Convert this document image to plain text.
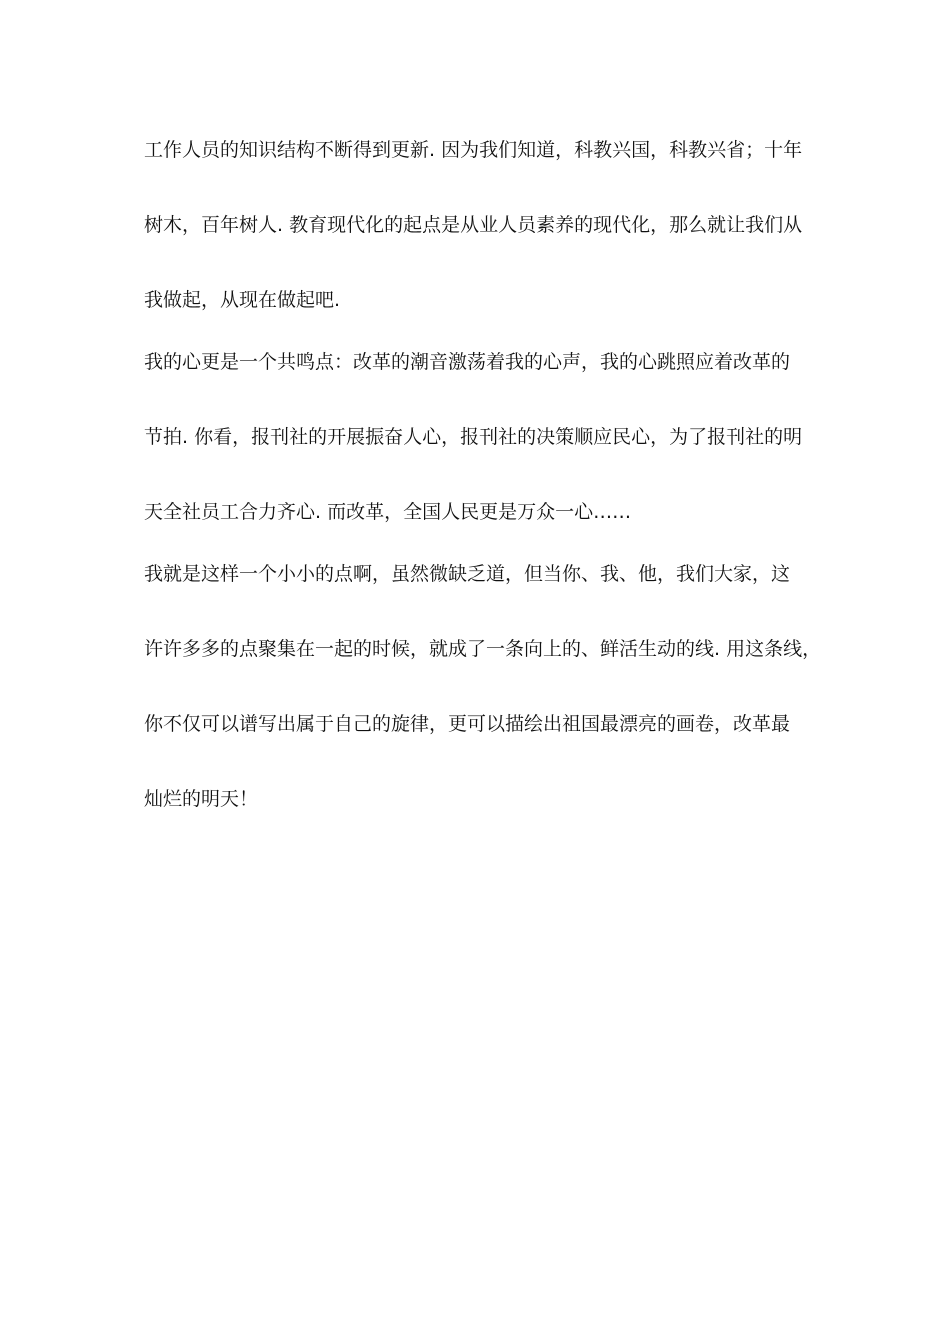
工作人员的知识结构不断得到更新. 因为我们知道，科教兴国，科教兴省；十年

树木，百年树人. 教育现代化的起点是从业人员素养的现代化，那么就让我们从

我做起，从现在做起吧.

我的心更是一个共鸣点：改革的潮音激荡着我的心声，我的心跳照应着改革的

节拍. 你看，报刊社的开展振奋人心，报刊社的决策顺应民心，为了报刊社的明

天全社员工合力齐心. 而改革，全国人民更是万众一心……

我就是这样一个小小的点啊，虽然微缺乏道，但当你、我、他，我们大家，这

许许多多的点聚集在一起的时候，就成了一条向上的、鲜活生动的线. 用这条线，

你不仅可以谱写出属于自己的旋律，更可以描绘出祖国最漂亮的画卷，改革最

灿烂的明天！
